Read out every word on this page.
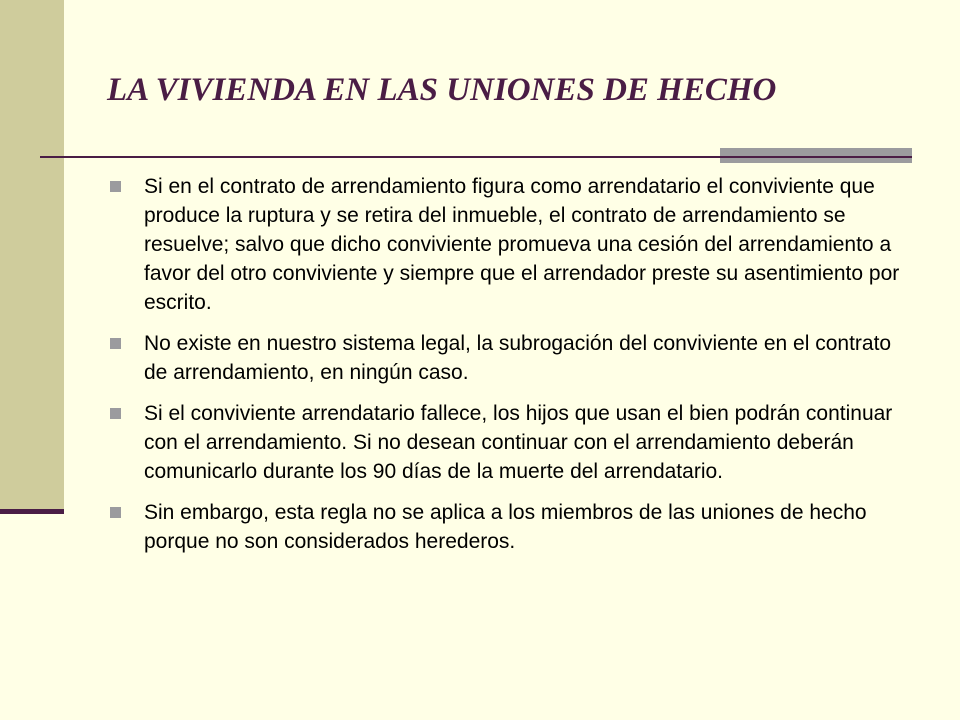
LA VIVIENDA EN LAS UNIONES DE HECHO
Si en el contrato de arrendamiento figura como arrendatario el conviviente que produce la ruptura y se retira del inmueble, el contrato de arrendamiento se resuelve; salvo que dicho conviviente promueva una cesión del arrendamiento a favor del otro conviviente y siempre que el arrendador preste su asentimiento por escrito.
No existe en nuestro sistema legal, la subrogación del conviviente en el contrato de arrendamiento, en ningún caso.
Si el conviviente arrendatario fallece, los hijos que usan el bien podrán continuar con el arrendamiento. Si no desean continuar con el arrendamiento deberán comunicarlo durante los 90 días de la muerte del arrendatario.
Sin embargo, esta regla no se aplica a los miembros de las uniones de hecho porque no son considerados herederos.
